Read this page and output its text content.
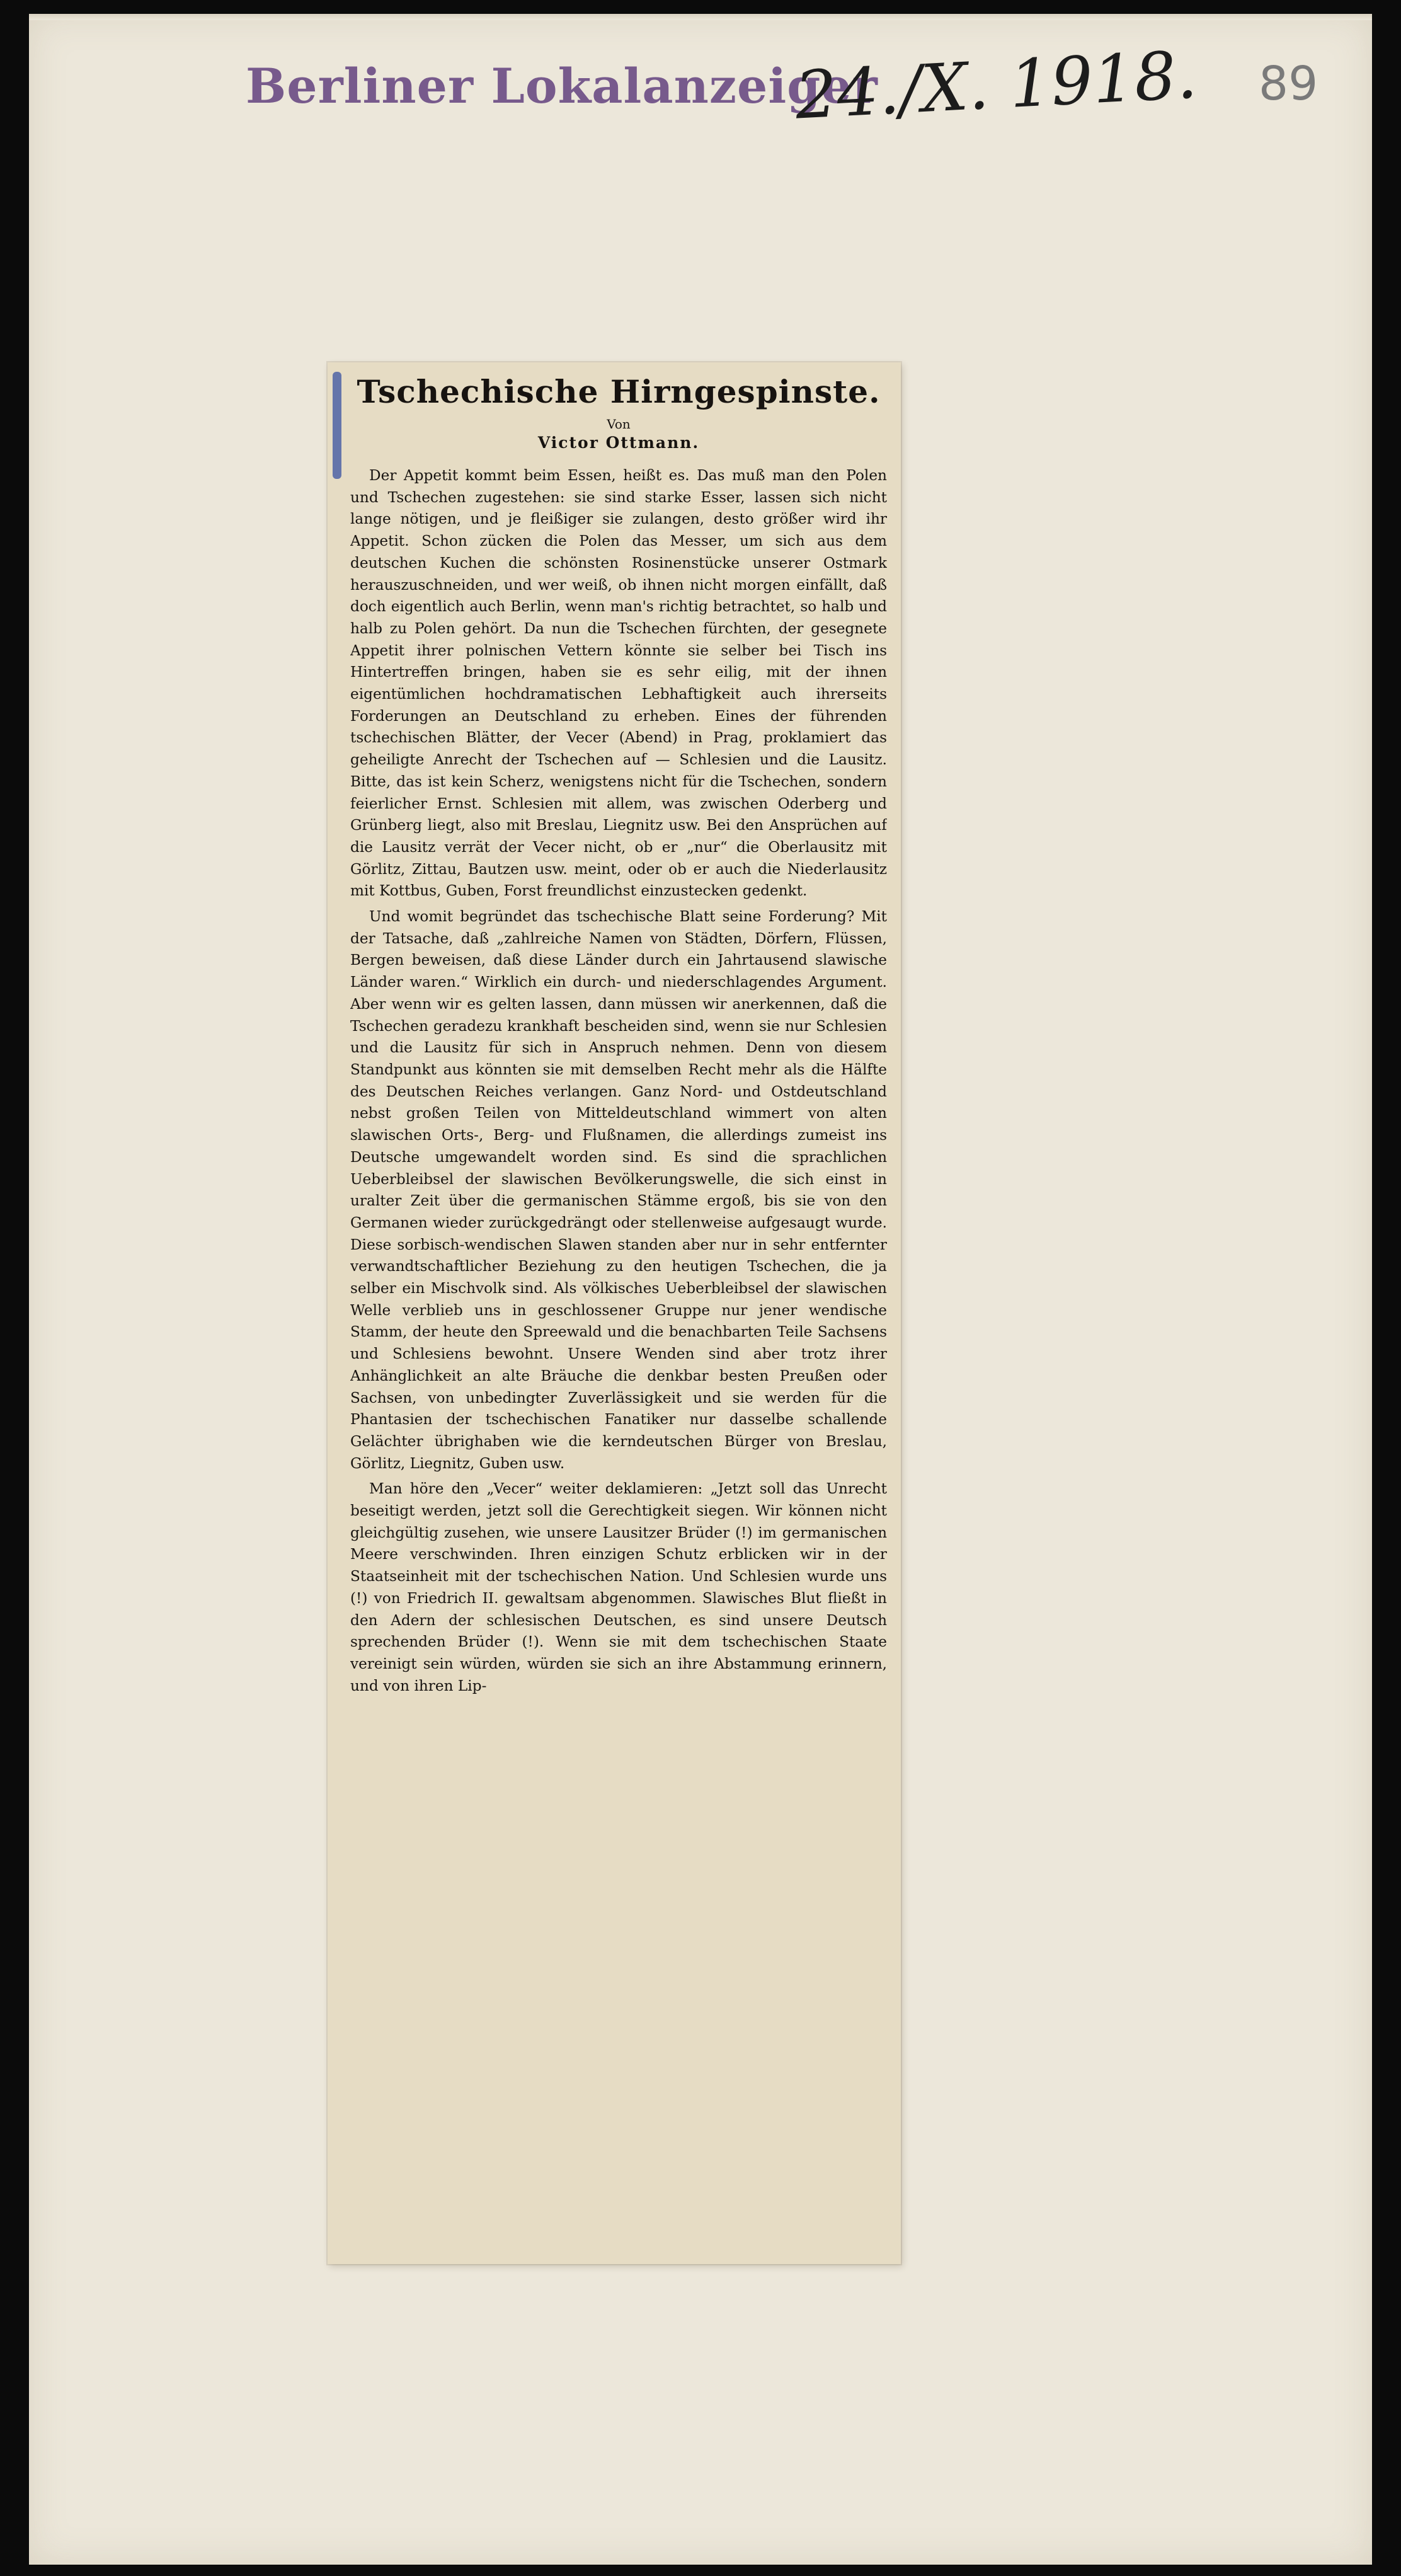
Berliner Lokalanzeiger
24./X. 1918. 89
Tschechische Hirngespinste.

Von

Victor Ottmann.

Der Appetit kommt beim Essen, heißt es. Das muß man den Polen und Tschechen zugestehen: sie sind starke Esser, lassen sich nicht lange nötigen, und je fleißiger sie zulangen, desto größer wird ihr Appetit. Schon zücken die Polen das Messer, um sich aus dem deutschen Kuchen die schönsten Rosinenstücke unserer Ostmark herauszuschneiden, und wer weiß, ob ihnen nicht morgen einfällt, daß doch eigentlich auch Berlin, wenn man's richtig betrachtet, so halb und halb zu Polen gehört. Da nun die Tschechen fürchten, der gesegnete Appetit ihrer polnischen Vettern könnte sie selber bei Tisch ins Hintertreffen bringen, haben sie es sehr eilig, mit der ihnen eigentümlichen hochdramatischen Lebhaftigkeit auch ihrerseits Forderungen an Deutschland zu erheben. Eines der führenden tschechischen Blätter, der Vecer (Abend) in Prag, proklamiert das geheiligte Anrecht der Tschechen auf — Schlesien und die Lausitz. Bitte, das ist kein Scherz, wenigstens nicht für die Tschechen, sondern feierlicher Ernst. Schlesien mit allem, was zwischen Oderberg und Grünberg liegt, also mit Breslau, Liegnitz usw. Bei den Ansprüchen auf die Lausitz verrät der Vecer nicht, ob er „nur“ die Oberlausitz mit Görlitz, Zittau, Bautzen usw. meint, oder ob er auch die Niederlausitz mit Kottbus, Guben, Forst freundlichst einzustecken gedenkt.

Und womit begründet das tschechische Blatt seine Forderung? Mit der Tatsache, daß „zahlreiche Namen von Städten, Dörfern, Flüssen, Bergen beweisen, daß diese Länder durch ein Jahrtausend slawische Länder waren.“ Wirklich ein durch- und niederschlagendes Argument. Aber wenn wir es gelten lassen, dann müssen wir anerkennen, daß die Tschechen geradezu krankhaft bescheiden sind, wenn sie nur Schlesien und die Lausitz für sich in Anspruch nehmen. Denn von diesem Standpunkt aus könnten sie mit demselben Recht mehr als die Hälfte des Deutschen Reiches verlangen. Ganz Nord- und Ostdeutschland nebst großen Teilen von Mitteldeutschland wimmert von alten slawischen Orts-, Berg- und Flußnamen, die allerdings zumeist ins Deutsche umgewandelt worden sind. Es sind die sprachlichen Ueberbleibsel der slawischen Bevölkerungswelle, die sich einst in uralter Zeit über die germanischen Stämme ergoß, bis sie von den Germanen wieder zurückgedrängt oder stellenweise aufgesaugt wurde. Diese sorbisch-wendischen Slawen standen aber nur in sehr entfernter verwandtschaftlicher Beziehung zu den heutigen Tschechen, die ja selber ein Mischvolk sind. Als völkisches Ueberbleibsel der slawischen Welle verblieb uns in geschlossener Gruppe nur jener wendische Stamm, der heute den Spreewald und die benachbarten Teile Sachsens und Schlesiens bewohnt. Unsere Wenden sind aber trotz ihrer Anhänglichkeit an alte Bräuche die denkbar besten Preußen oder Sachsen, von unbedingter Zuverlässigkeit und sie werden für die Phantasien der tschechischen Fanatiker nur dasselbe schallende Gelächter übrighaben wie die kerndeutschen Bürger von Breslau, Görlitz, Liegnitz, Guben usw.

Man höre den „Vecer“ weiter deklamieren: „Jetzt soll das Unrecht beseitigt werden, jetzt soll die Gerechtigkeit siegen. Wir können nicht gleichgültig zusehen, wie unsere Lausitzer Brüder (!) im germanischen Meere verschwinden. Ihren einzigen Schutz erblicken wir in der Staatseinheit mit der tschechischen Nation. Und Schlesien wurde uns (!) von Friedrich II. gewaltsam abgenommen. Slawisches Blut fließt in den Adern der schlesischen Deutschen, es sind unsere Deutsch sprechenden Brüder (!). Wenn sie mit dem tschechischen Staate vereinigt sein würden, würden sie sich an ihre Abstammung erinnern, und von ihren Lip-
